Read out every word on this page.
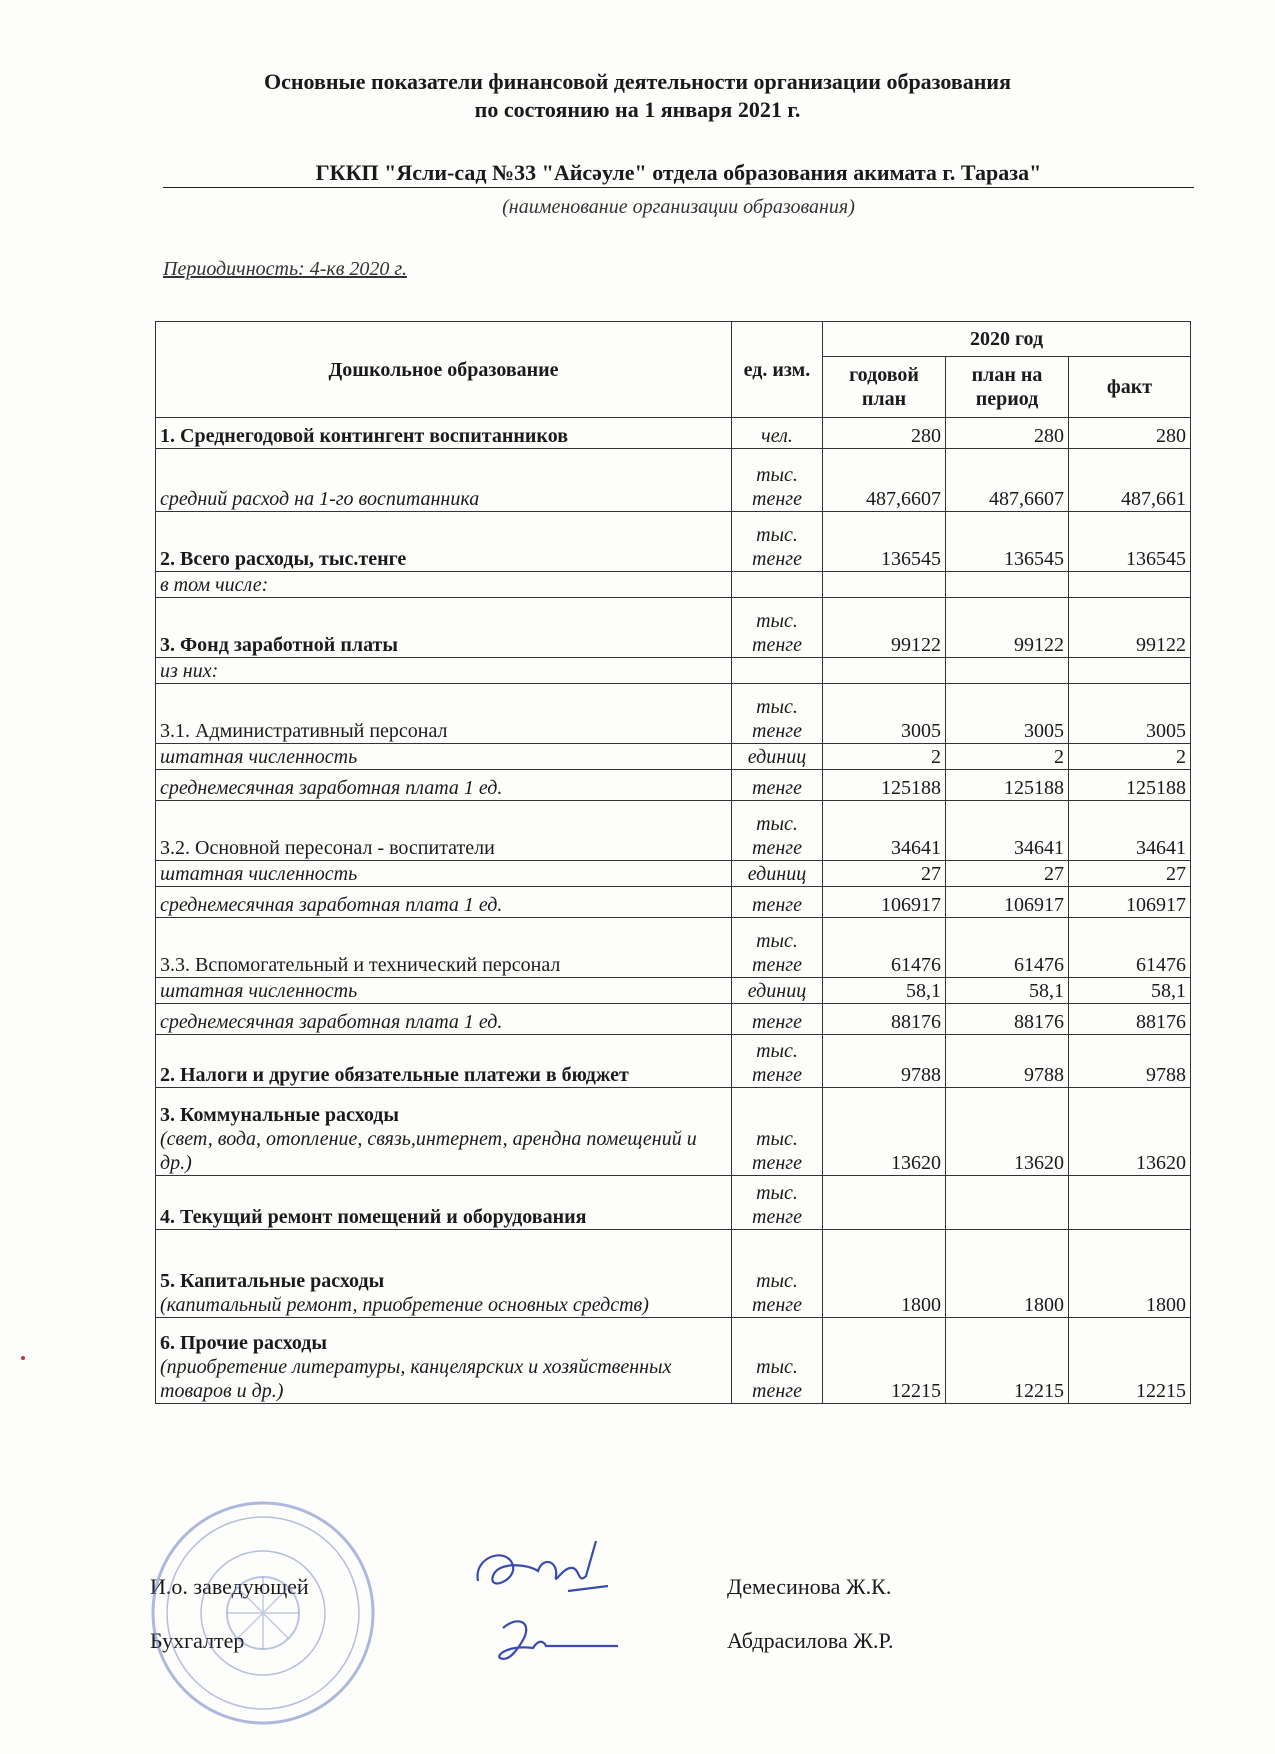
Основные показатели финансовой деятельности организации образования
по состоянию на 1 января 2021 г.
ГККП "Ясли-сад №33 "Айсәуле" отдела образования акимата г. Тараза"
(наименование организации образования)
Периодичность: 4-кв 2020 г.
Дошкольное образование	ед. изм.	2020 год		
		годовой план	план на период	факт
1. Среднегодовой контингент воспитанников	чел.	280	280	280
средний расход на 1-го воспитанника	тыс. тенге	487,6607	487,6607	487,661
2. Всего расходы, тыс.тенге	тыс. тенге	136545	136545	136545
в том числе:				
3. Фонд заработной платы	тыс. тенге	99122	99122	99122
из них:				
3.1. Административный персонал	тыс. тенге	3005	3005	3005
штатная численность	единиц	2	2	2
среднемесячная заработная плата 1 ед.	тенге	125188	125188	125188
3.2. Основной пересонал - воспитатели	тыс. тенге	34641	34641	34641
штатная численность	единиц	27	27	27
среднемесячная заработная плата 1 ед.	тенге	106917	106917	106917
3.3. Вспомогательный и технический персонал	тыс. тенге	61476	61476	61476
штатная численность	единиц	58,1	58,1	58,1
среднемесячная заработная плата 1 ед.	тенге	88176	88176	88176
2. Налоги и другие обязательные платежи в бюджет	тыс. тенге	9788	9788	9788
3. Коммунальные расходы
(свет, вода, отопление, связь,интернет, арендна помещений и др.)	тыс. тенге	13620	13620	13620
4. Текущий ремонт помещений и оборудования	тыс. тенге			
5. Капитальные расходы
(капитальный ремонт, приобретение основных средств)	тыс. тенге	1800	1800	1800
6. Прочие расходы
(приобретение литературы, канцелярских и хозяйственных товаров и др.)	тыс. тенге	12215	12215	12215
И.о. заведующей	Демесинова Ж.К.
Бухгалтер	Абдрасилова Ж.Р.
